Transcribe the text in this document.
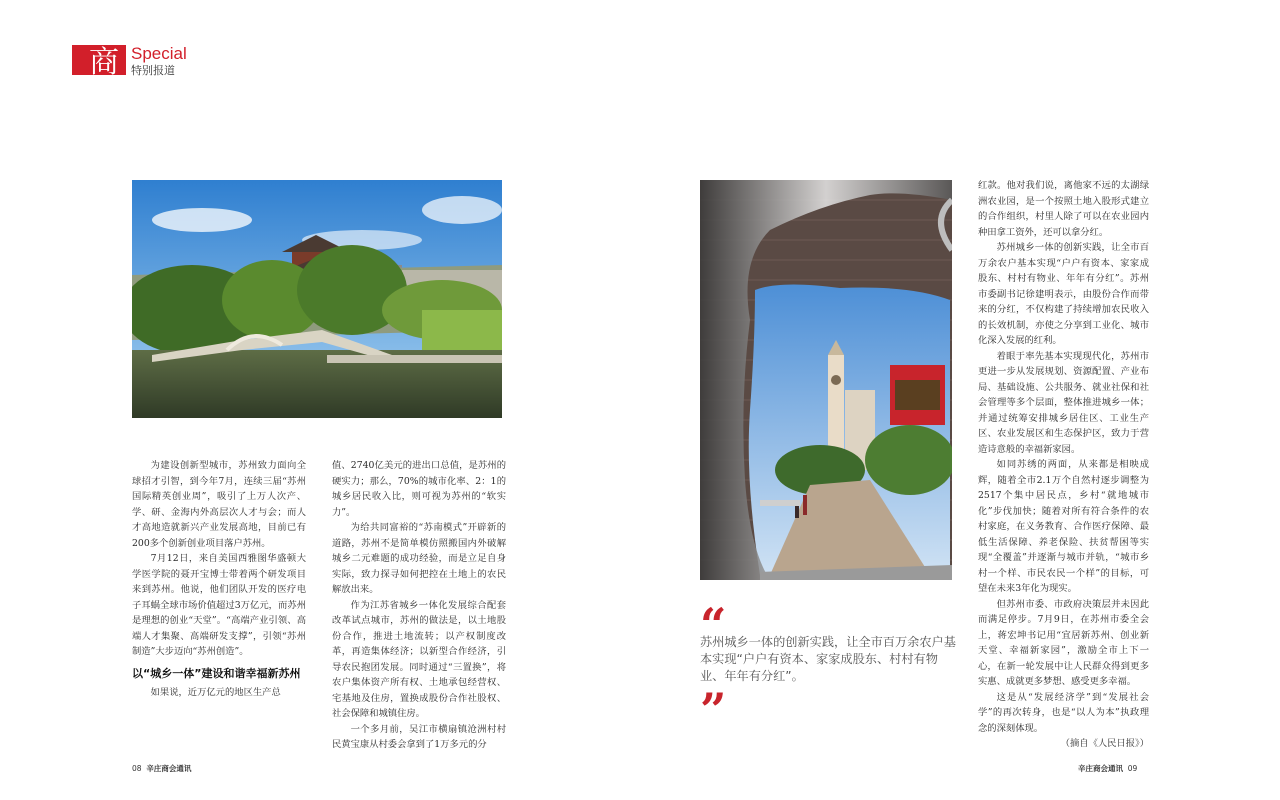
商 Special
特别报道

为建设创新型城市，苏州致力面向全球招才引智，到今年7月，连续三届“苏州国际精英创业周”，吸引了上万人次产、学、研、金海内外高层次人才与会；而人才高地造就新兴产业发展高地，目前已有200多个创新创业项目落户苏州。

7月12日，来自美国西雅图华盛顿大学医学院的聂开宝博士带着两个研发项目来到苏州。他说，他们团队开发的医疗电子耳蜗全球市场价值超过3万亿元，而苏州是理想的创业“天堂”。“高端产业引领、高端人才集聚、高端研发支撑”，引领“苏州制造”大步迈向“苏州创造”。

以“城乡一体”建设和谐幸福新苏州

如果说，近万亿元的地区生产总

值、2740亿美元的进出口总值，是苏州的硬实力；那么，70%的城市化率、2：1的城乡居民收入比，则可视为苏州的“软实力”。

为给共同富裕的“苏南模式”开辟新的道路，苏州不是简单模仿照搬国内外破解城乡二元难题的成功经验，而是立足自身实际，致力探寻如何把控在土地上的农民解放出来。

作为江苏省城乡一体化发展综合配套改革试点城市，苏州的做法是，以土地股份合作，推进土地流转；以产权制度改革，再造集体经济；以新型合作经济，引导农民抱团发展。同时通过“三置换”，将农户集体资产所有权、土地承包经营权、宅基地及住房，置换成股份合作社股权、社会保障和城镇住房。

一个多月前，吴江市横扇镇沧洲村村民黄宝康从村委会拿到了1万多元的分

“
苏州城乡一体的创新实践，让全市百万余农户基本实现“户户有资本、家家成股东、村村有物业、年年有分红”。
”

红款。他对我们说，离他家不远的太湖绿洲农业园，是一个按照土地入股形式建立的合作组织，村里人除了可以在农业园内种田拿工资外，还可以拿分红。

苏州城乡一体的创新实践，让全市百万余农户基本实现“户户有资本、家家成股东、村村有物业、年年有分红”。苏州市委副书记徐建明表示，由股份合作而带来的分红，不仅构建了持续增加农民收入的长效机制，亦使之分享到工业化、城市化深入发展的红利。

着眼于率先基本实现现代化，苏州市更进一步从发展规划、资源配置、产业布局、基础设施、公共服务、就业社保和社会管理等多个层面，整体推进城乡一体；并通过统筹安排城乡居住区、工业生产区、农业发展区和生态保护区，致力于营造诗意般的幸福新家园。

如同苏绣的两面，从来都是相映成辉，随着全市2.1万个自然村逐步调整为2517个集中居民点，乡村“就地城市化”步伐加快；随着对所有符合条件的农村家庭，在义务教育、合作医疗保障、最低生活保障、养老保险、扶贫帮困等实现“全覆盖”并逐渐与城市并轨，“城市乡村一个样、市民农民一个样”的目标，可望在未来3年化为现实。

但苏州市委、市政府决策层并未因此而满足停步。7月9日，在苏州市委全会上，蒋宏坤书记用“宜居新苏州、创业新天堂、幸福新家园”，激励全市上下一心，在新一轮发展中让人民群众得到更多实惠、成就更多梦想、感受更多幸福。

这是从“发展经济学”到“发展社会学”的再次转身，也是“以人为本”执政理念的深刻体现。

（摘自《人民日报》）

08 辛庄商会通讯	辛庄商会通讯 09
